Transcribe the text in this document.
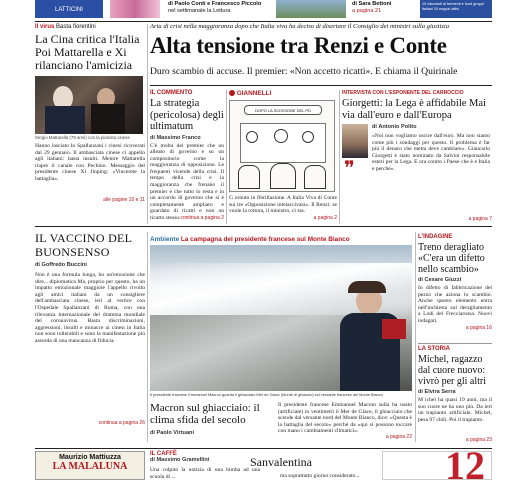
LATTICINI
di Paolo Conti e Francesco Piccolo
nel settimanale la Lettura
di Sara Bettoni
a pagina 21
10 ristoranti di fermenti e food gruppi italiani 10 negozi attivi
Il virus Basta fiorentini
La Cina critica l'Italia Poi Mattarella e Xi rilanciano l'amicizia
Sergio Mattarella (79 anni) con la pianista cinese
Hanno lasciato lo Spallanzani i cinesi ricoverati dal 29 gennaio. Il ambasciata cinese ci appello agli italiani: basta insulti. Mentre Mattarella riapre il canale con Pechino. Messaggio del presidente cinese Xi Jinping: «Vincerete la battaglia».
alle pagine 10 e 11
Aria di crisi nella maggioranza dopo che Italia viva ha deciso di disertare il Consiglio dei ministri sulla giustizia
Alta tensione tra Renzi e Conte
Duro scambio di accuse. Il premier: «Non accetto ricatti». E chiama il Quirinale
IL COMMENTO
La strategia (pericolosa) degli ultimatum
di Massimo Franco
C'è molta del premier che un alleato di governo e su un compositorio come la maggioranza di opposizione. Le frequenti vicende della crisi. Il tempo della crisi e la maggioranza che frenano il premier e che tutto lo resta e in un accordo di governo che si è completamente ampliato e guardato di ricatti e non un ricatto stesso. continua a pagina 2
GIANNELLI
DOPO LA SCISSIONE DEL PD
G ornuto in fibrillazione. A Italia Viva di Conte sui tre «Opposizione intelaccivata». Il Renzi: se vuole la rottura, il ministro, ci sta.
a pagina 2
INTERVISTA CON L'ESPONENTE DEL CARROCCIO
Giorgetti: la Lega è affidabile Mai via dall'euro e dall'Europa
❞
di Antonio Polito
«Noi non vogliamo uscire dall'euro. Ma non siamo come più i sondaggi per questo. Il problema è far più il denaro che metta deve cambiare». Giancarlo Giorgetti è stato nominato da Salvini responsabile esteri per la Lega. E ora contro i Paese che è e Italia e perché».
a pagina 7
IL VACCINO DEL BUONSENSO
di Goffredo Buccini
Non è una formula lunga, ho un'emozione che dire... diplomatica Ma, proprio per questo, ha un impatto emozionale maggiore l'appello rivolto agli amici italiani da un consigliere dell'ambasciata cinese, ieri al vertice con l'Ospedale Spallanzani di Roma, con una rilevanza internazionale del dramma mondiale del coronavirus. Basta discriminazioni, aggressioni, insulti e minacce ai cinesi in Italia non sono tollerabili e sono la manifestazione più assurda di una mancanza di fiducia.
continua a pagina 26
Ambiente La campagna del presidente francese sul Monte Bianco
Il presidente francese Emmanuel Macron guarda il ghiacciaio Mer de Glace (Monte di ghiaccio) sul versante francese del Monte Bianco
Macron sul ghiacciaio: il clima sfida del secolo
di Paolo Virtuani
Il presidente francese Emmanuel Macron sulla ha usato (artificiale) in ventimetri il Mer de Glace, il ghiacciaio che scende dal versante nord del Monte Bianco, dice: «Questa è la battaglia del secolo» perché da «qui si possono toccare con mano i cambiamenti climatici».
a pagina 22
L'INDAGINE
Treno deragliato «C'era un difetto nello scambio»
di Cesare Giuzzi
In difetto di fabbricazione del pezzo che aziona lo scambio. Anche questo elemento entra nell'inchiesta sul deragliamento a Lodi del Frecciarossa. Nuovi indagati.
a pagina 16
LA STORIA
Michel, ragazzo dal cuore nuovo: vivrò per gli altri
di Elvira Serra
M ichel ha quasi 19 anni, ma il suo cuore ne ha uno più. Da ieri un trapianto artificiale. Michel, pesa 97 chili. Poi il trapianto.
a pagina 23
Maurizio Mattiuzza
LA MALALUNA
IL CAFFÈ
di Massimo Gramellini	Sanvalentina
Una colpito la notizia di una bimba ad una scuola di ...	ma soprattutto giorno considerato...	12
